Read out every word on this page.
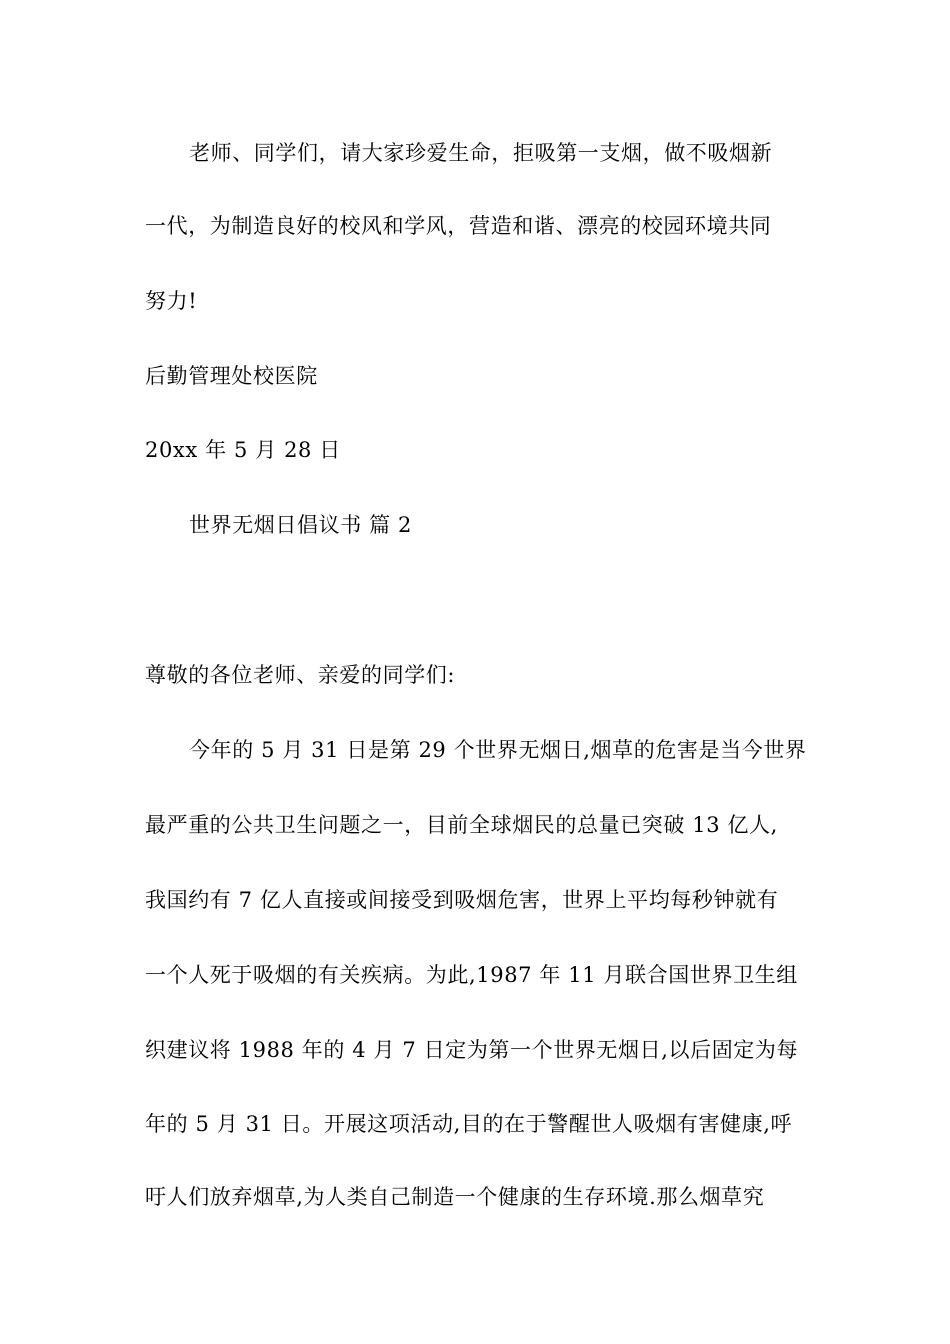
老师、同学们，请大家珍爱生命，拒吸第一支烟，做不吸烟新
一代，为制造良好的校风和学风，营造和谐、漂亮的校园环境共同
努力!
后勤管理处校医院
20xx 年 5 月 28 日
世界无烟日倡议书 篇 2
尊敬的各位老师、亲爱的同学们:
今年的 5 月 31 日是第 29 个世界无烟日,烟草的危害是当今世界
最严重的公共卫生问题之一，目前全球烟民的总量已突破 13 亿人,
我国约有 7 亿人直接或间接受到吸烟危害，世界上平均每秒钟就有
一个人死于吸烟的有关疾病。为此,1987 年 11 月联合国世界卫生组
织建议将 1988 年的 4 月 7 日定为第一个世界无烟日,以后固定为每
年的 5 月 31 日。开展这项活动,目的在于警醒世人吸烟有害健康,呼
吁人们放弃烟草,为人类自己制造一个健康的生存环境.那么烟草究
